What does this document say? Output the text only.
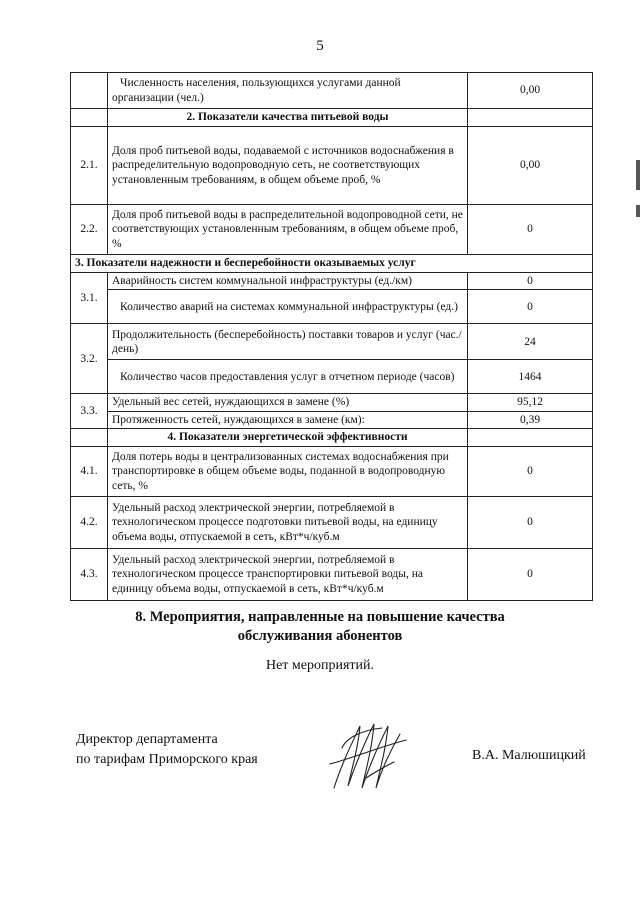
5
	Численность населения, пользующихся услугами данной организации (чел.)	0,00
	2. Показатели качества питьевой воды	
2.1.	Доля проб питьевой воды, подаваемой с источников водоснабжения в распределительную водопроводную сеть, не соответствующих установленным требованиям, в общем объеме проб, %	0,00
2.2.	Доля проб питьевой воды в распределительной водопроводной сети, не соответствующих установленным требованиям, в общем объеме проб, %	0
3. Показатели надежности и бесперебойности оказываемых услуг		
3.1.	Аварийность систем коммунальной инфраструктуры (ед./км)	0
	Количество аварий на системах коммунальной инфраструктуры (ед.)	0
3.2.	Продолжительность (бесперебойность) поставки товаров и услуг (час./день)	24
	Количество часов предоставления услуг в отчетном периоде (часов)	1464
3.3.	Удельный вес сетей, нуждающихся в замене (%)	95,12
	Протяженность сетей, нуждающихся в замене (км):	0,39
	4. Показатели энергетической эффективности	
4.1.	Доля потерь воды в централизованных системах водоснабжения при транспортировке в общем объеме воды, поданной в водопроводную сеть, %	0
4.2.	Удельный расход электрической энергии, потребляемой в технологическом процессе подготовки питьевой воды, на единицу объема воды, отпускаемой в сеть, кВт*ч/куб.м	0
4.3.	Удельный расход электрической энергии, потребляемой в технологическом процессе транспортировки питьевой воды, на единицу объема воды, отпускаемой в сеть, кВт*ч/куб.м	0
8. Мероприятия, направленные на повышение качества
обслуживания абонентов
Нет мероприятий.
Директор департамента
по тарифам Приморского края	В.А. Малюшицкий
